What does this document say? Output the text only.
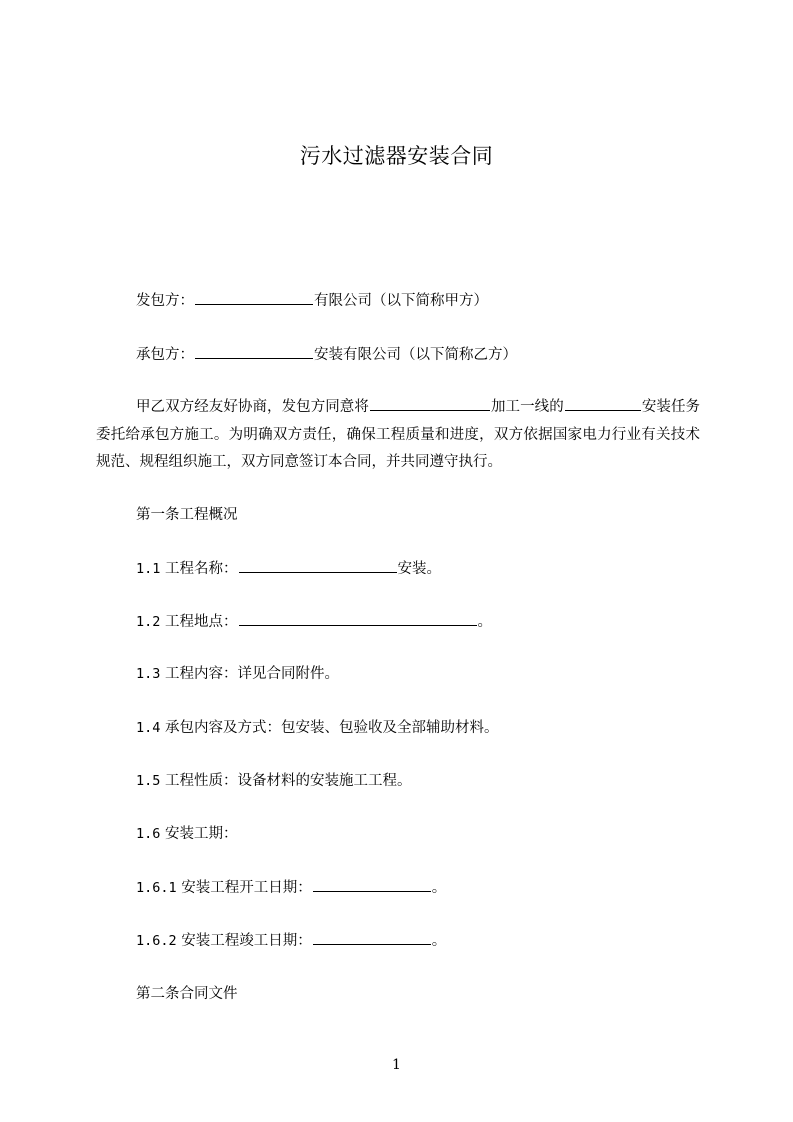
污水过滤器安装合同
发包方：	有限公司（以下简称甲方）
承包方：	安装有限公司（以下简称乙方）
甲乙双方经友好协商，发包方同意将	加工一线的	安装任务委托给承包方施工。为明确双方责任，确保工程质量和进度，双方依据国家电力行业有关技术规范、规程组织施工，双方同意签订本合同，并共同遵守执行。
第一条工程概况
1.1 工程名称：	安装。
1.2 工程地点：	。
1.3 工程内容：详见合同附件。
1.4 承包内容及方式：包安装、包验收及全部辅助材料。
1.5 工程性质：设备材料的安装施工工程。
1.6 安装工期：
1.6.1 安装工程开工日期：	。
1.6.2 安装工程竣工日期：	。
第二条合同文件
1
